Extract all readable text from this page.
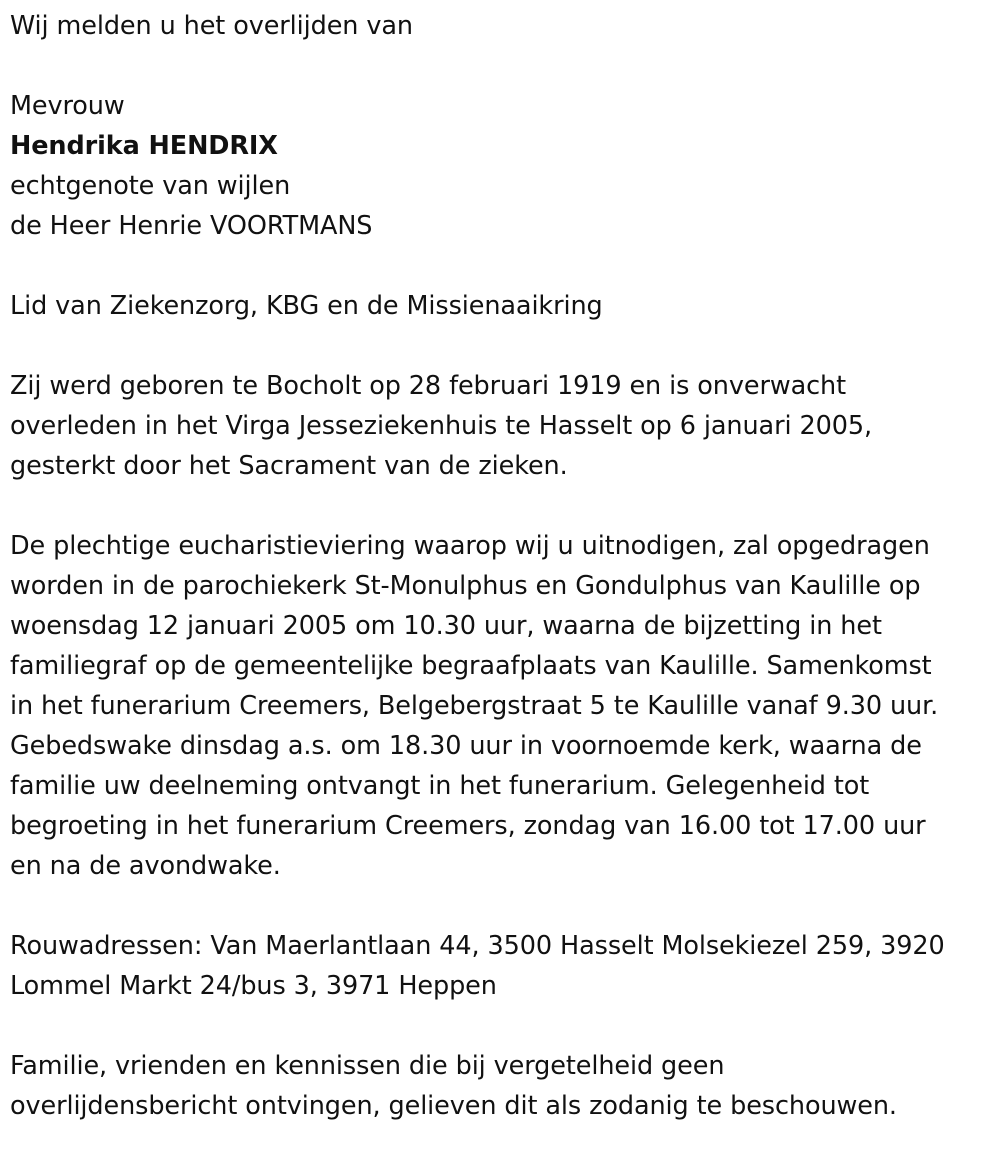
Wij melden u het overlijden van
Mevrouw
Hendrika HENDRIX
echtgenote van wijlen
de Heer Henrie VOORTMANS
Lid van Ziekenzorg, KBG en de Missienaaikring
Zij werd geboren te Bocholt op 28 februari 1919 en is onverwacht
overleden in het Virga Jesseziekenhuis te Hasselt op 6 januari 2005,
gesterkt door het Sacrament van de zieken.
De plechtige eucharistieviering waarop wij u uitnodigen, zal opgedragen
worden in de parochiekerk St-Monulphus en Gondulphus van Kaulille op
woensdag 12 januari 2005 om 10.30 uur, waarna de bijzetting in het
familiegraf op de gemeentelijke begraafplaats van Kaulille. Samenkomst
in het funerarium Creemers, Belgebergstraat 5 te Kaulille vanaf 9.30 uur.
Gebedswake dinsdag a.s. om 18.30 uur in voornoemde kerk, waarna de
familie uw deelneming ontvangt in het funerarium. Gelegenheid tot
begroeting in het funerarium Creemers, zondag van 16.00 tot 17.00 uur
en na de avondwake.
Rouwadressen: Van Maerlantlaan 44, 3500 Hasselt Molsekiezel 259, 3920
Lommel Markt 24/bus 3, 3971 Heppen
Familie, vrienden en kennissen die bij vergetelheid geen
overlijdensbericht ontvingen, gelieven dit als zodanig te beschouwen.
